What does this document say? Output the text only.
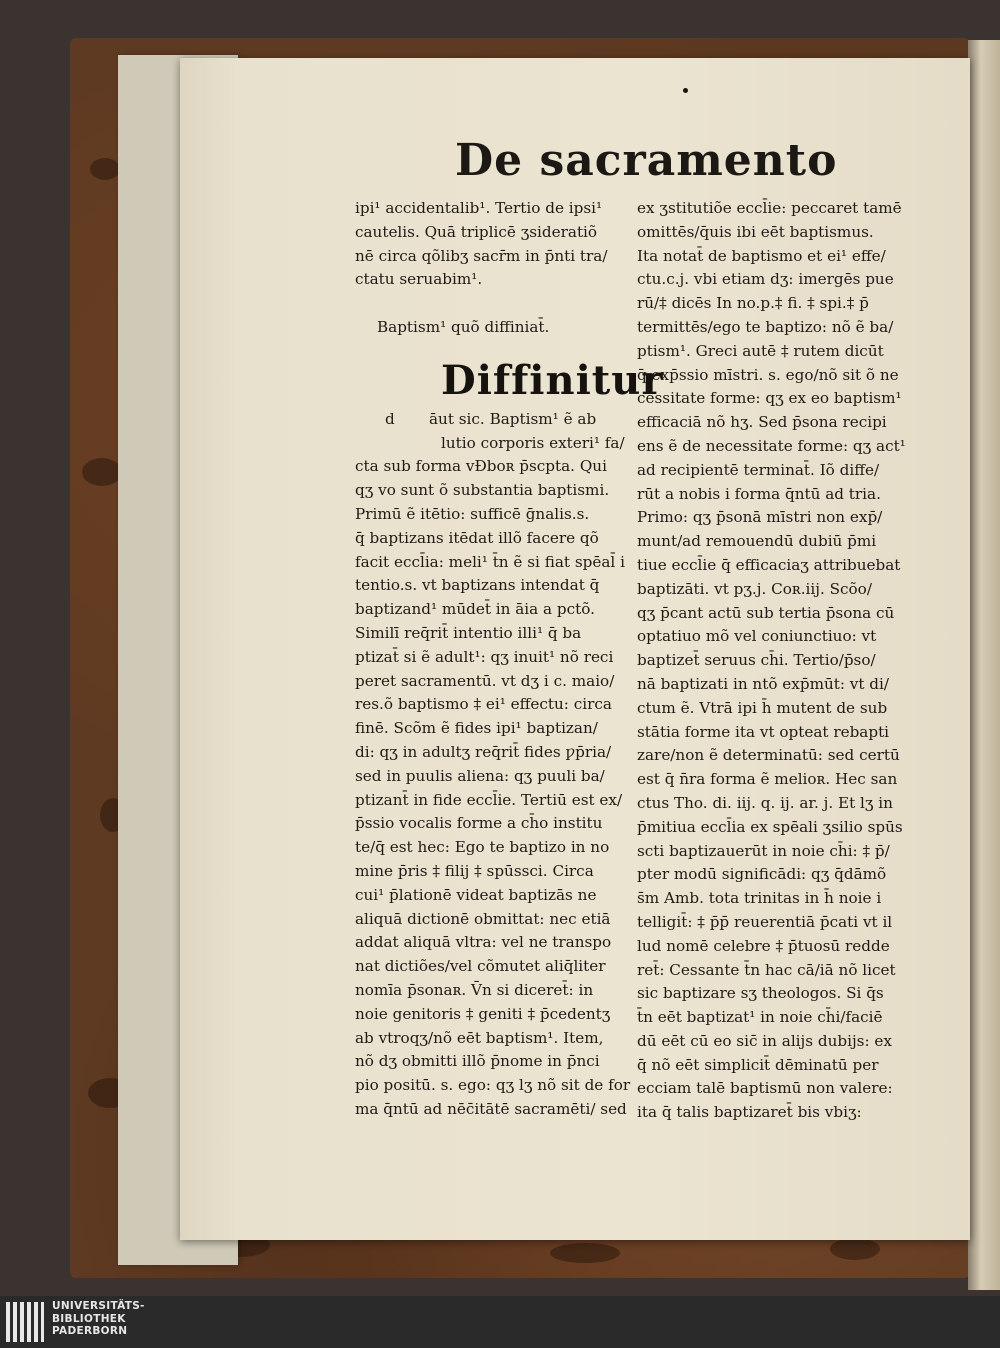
De sacramento
ipi¹ accidentalib¹. Tertio de ipsi¹
cautelis. Quā triplicē ʒsideratiõ
nē circa qõlibʒ sacr̄m in p̄nti tra/
ctatu seruabim¹.
Baptism¹ quõ diffiniat̄.
Diffinitur
d āut sic. Baptism¹ ẽ ab
lutio corporis exteri¹ fa/
cta sub forma vƉboʀ p̄scpta. Qui
qʒ vo sunt õ substantia baptismi.
Primū ẽ itētio: sufficē ḡnalis.s.
q̄ baptizans itēdat illõ facere qõ
facit eccl̄ia: meli¹ t̄n ẽ si fiat spēal̄ i
tentio.s. vt baptizans intendat q̄
baptizand¹ mūdet̄ in āia a pctõ.
Similī req̄rit̄ intentio illi¹ q̄ ba
ptizat̄ si ẽ adult¹: qʒ inuit¹ nõ reci
peret sacramentū. vt dʒ i c. maio/
res.õ baptismo ‡ ei¹ effectu: circa
finē. Scõm ẽ fides ipi¹ baptizan/
di: qʒ in adultʒ req̄rit̄ fides ƿp̄ria/
sed in puulis aliena: qʒ puuli ba/
ptizant̄ in fide eccl̄ie. Tertiū est ex/
p̄ssio vocalis forme a ch̄o institu
te/q̄ est hec: Ego te baptizo in no
mine p̄ris ‡ filij ‡ spūssci. Circa
cui¹ p̄lationē videat baptizās ne
aliquā dictionē obmittat: nec etiā
addat aliquā vltra: vel ne transpo
nat dictiões/vel cõmutet aliq̄liter
nomīa p̄sonaʀ. V̄n si diceret̄: in
noie genitoris ‡ geniti ‡ p̄cedentʒ
ab vtroqʒ/nõ eēt baptism¹. Item,
nõ dʒ obmitti illõ p̄nome in p̄nci
pio positū. s. ego: qʒ lʒ nõ sit de for
ma q̄ntū ad nēc̄itātē sacramēti/ sed
ex ʒstitutiõe eccl̄ie: peccaret tamē
omittēs/q̄uis ibi eēt baptismus.
Ita notat̄ de baptismo et ei¹ effe/
ctu.c.j. vbi etiam dʒ: imergēs pue
rū/‡ dicēs In no.p.‡ fi. ‡ spi.‡ p̄
termittēs/ego te baptizo: nõ ẽ ba/
ptism¹. Greci autē ‡ rutem dicūt
q̄ exp̄ssio mīstri. s. ego/nõ sit õ ne
cessitate forme: qʒ ex eo baptism¹
efficaciā nõ hʒ. Sed p̄sona recipi
ens ẽ de necessitate forme: qʒ act¹
ad recipientē terminat̄. Iõ diffe/
rūt a nobis i forma q̄ntū ad tria.
Primo: qʒ p̄sonā mīstri non exp̄/
munt/ad remouendū dubiū p̄mi
tiue eccl̄ie q̄ efficaciaʒ attribuebat
baptizāti. vt pʒ.j. Coʀ.iij. Scõo/
qʒ p̄cant actū sub tertia p̄sona cū
optatiuo mõ vel coniunctiuo: vt
baptizet̄ seruus ch̄i. Tertio/p̄so/
nā baptizati in ntõ exp̄mūt: vt di/
ctum ẽ. Vtrā ipi h̄ mutent de sub
stātia forme ita vt opteat rebapti
zare/non ẽ determinatū: sed certū
est q̄ n̄ra forma ẽ melioʀ. Hec san
ctus Tho. di. iij. q. ij. ar. j. Et lʒ in
p̄mitiua eccl̄ia ex spēali ʒsilio spūs
scti baptizauerūt in noie ch̄i: ‡ p̄/
pter modū significādi: qʒ q̄dāmõ
s̄m Amb. tota trinitas in h̄ noie i
telligit̄: ‡ p̄p̄ reuerentiā p̄cati vt il
lud nomē celebre ‡ p̄tuosū redde
ret̄: Cessante t̄n hac cā/iā nõ licet
sic baptizare sʒ theologos. Si q̄s
t̄n eēt baptizat¹ in noie ch̄i/faciē
dū eēt cū eo sic̄ in alijs dubijs: ex
q̄ nõ eēt simplicit̄ dēminatū per
ecciam talē baptismū non valere:
ita q̄ talis baptizaret̄ bis vbiʒ:
UNIVERSITÄTS-
BIBLIOTHEK
PADERBORN
